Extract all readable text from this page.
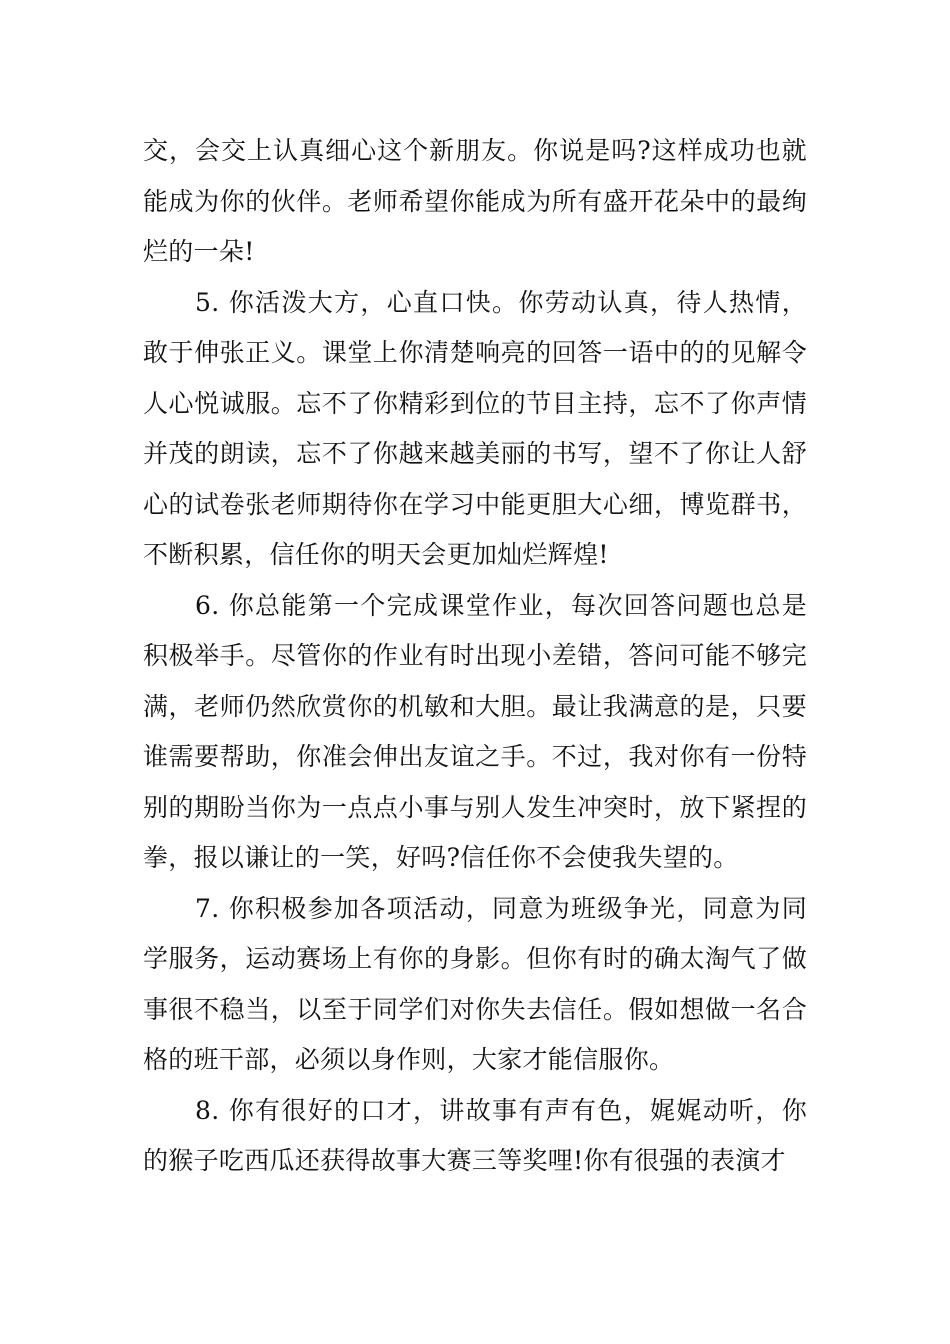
交，会交上认真细心这个新朋友。你说是吗?这样成功也就能成为你的伙伴。老师希望你能成为所有盛开花朵中的最绚烂的一朵!

5. 你活泼大方，心直口快。你劳动认真，待人热情，敢于伸张正义。课堂上你清楚响亮的回答一语中的的见解令人心悦诚服。忘不了你精彩到位的节目主持，忘不了你声情并茂的朗读，忘不了你越来越美丽的书写，望不了你让人舒心的试卷张老师期待你在学习中能更胆大心细，博览群书，不断积累，信任你的明天会更加灿烂辉煌!

6. 你总能第一个完成课堂作业，每次回答问题也总是积极举手。尽管你的作业有时出现小差错，答问可能不够完满，老师仍然欣赏你的机敏和大胆。最让我满意的是，只要谁需要帮助，你准会伸出友谊之手。不过，我对你有一份特别的期盼当你为一点点小事与别人发生冲突时，放下紧捏的拳，报以谦让的一笑，好吗?信任你不会使我失望的。

7. 你积极参加各项活动，同意为班级争光，同意为同学服务，运动赛场上有你的身影。但你有时的确太淘气了做事很不稳当，以至于同学们对你失去信任。假如想做一名合格的班干部，必须以身作则，大家才能信服你。

8. 你有很好的口才，讲故事有声有色，娓娓动听，你的猴子吃西瓜还获得故事大赛三等奖哩!你有很强的表演才
